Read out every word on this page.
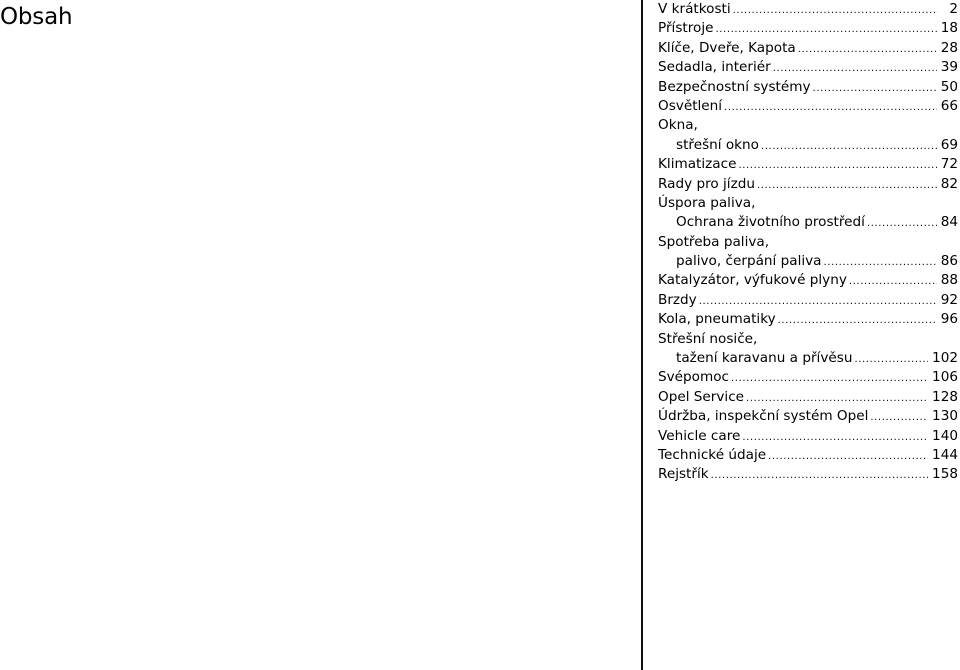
Obsah	V krátkosti .....	2
Přístroje .....	18
Klíče, Dveře, Kapota .....	28
Sedadla, interiér .....	39
Bezpečnostní systémy .....	50
Osvětlení .....	66
Okna,
střešní okno .....	69
Klimatizace .....	72
Rady pro jízdu .....	82
Úspora paliva,
Ochrana životního prostředí .....	84
Spotřeba paliva,
palivo, čerpání paliva .....	86
Katalyzátor, výfukové plyny .....	88
Brzdy .....	92
Kola, pneumatiky .....	96
Střešní nosiče,
tažení karavanu a přívěsu .....	102
Svépomoc .....	106
Opel Service .....	128
Údržba, inspekční systém Opel .....	130
Vehicle care .....	140
Technické údaje .....	144
Rejstřík .....	158
